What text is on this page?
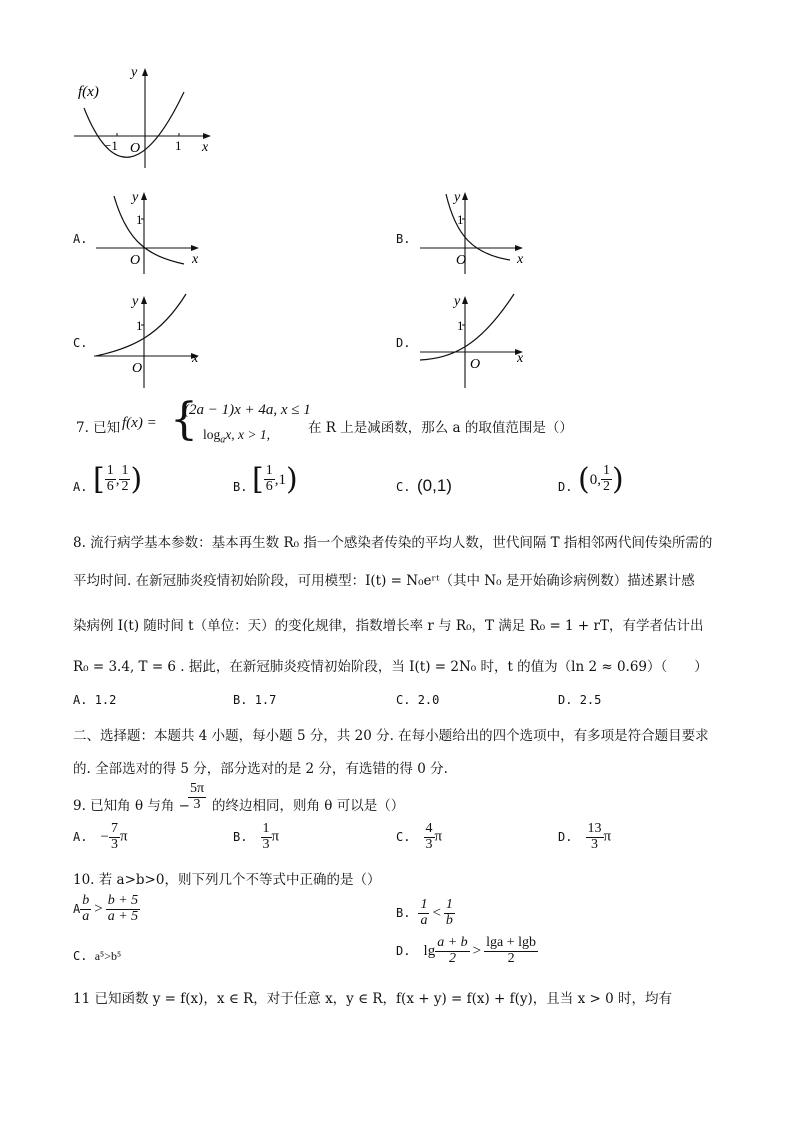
f(x)
y
x
O
−1	1
A.
y
1
O	x
B.
y
1
O	x
C.
y
1
O
x
D.
y
1
O	x
7. 已知 f(x) = {
(2a − 1)x + 4a, x ≤ 1
$\log_ax$, x > 1,	在 R 上是减函数，那么 a 的取值范围是（）
A. [ $\frac{1}{6}$ , $\frac{1}{2}$ )	B. [ $\frac{1}{6} ,1$)	C. (0,1)	D. (0, $\frac{1}{2}$ )
8. 流行病学基本参数：基本再生数 R₀ 指一个感染者传染的平均人数，世代间隔 T 指相邻两代间传染所需的
平均时间. 在新冠肺炎疫情初始阶段，可用模型：I(t) = N₀eʳᵗ（其中 N₀ 是开始确诊病例数）描述累计感
染病例 I(t) 随时间 t（单位：天）的变化规律，指数增长率 r 与 R₀，T 满足 R₀ = 1 + rT，有学者估计出
R₀ = 3.4, T = 6 . 据此，在新冠肺炎疫情初始阶段，当 I(t) = 2N₀ 时，t 的值为（ln 2 ≈ 0.69）（　　）
A. 1.2	B. 1.7	C. 2.0	D. 2.5
二、选择题：本题共 4 小题，每小题 5 分，共 20 分. 在每小题给出的四个选项中，有多项是符合题目要求
的. 全部选对的得 5 分，部分选对的是 2 分，有选错的得 0 分.
9. 已知角 θ 与角 −
$\frac{5\pi}{3}$ 的终边相同，则角 θ 可以是（）
A. − $\frac{7}{3}$ π	B. $\frac{1}{3}$ π	C. $\frac{4}{3}$ π	D. $\frac{13}{3}$ π
10. 若 a>b>0，则下列几个不等式中正确的是（）
A $\frac{b}{a} > \frac{b + 5}{a + 5}$	B. $\frac{1}{a} < \frac{1}{b}$
C. a⁵>b⁵	D. $\lg \frac{a + b}{2} > \frac{\lg a + \lg b}{2}$
11 已知函数 y = f(x)，x ∈ R，对于任意 x，y ∈ R，f(x + y) = f(x) + f(y)，且当 x > 0 时，均有
